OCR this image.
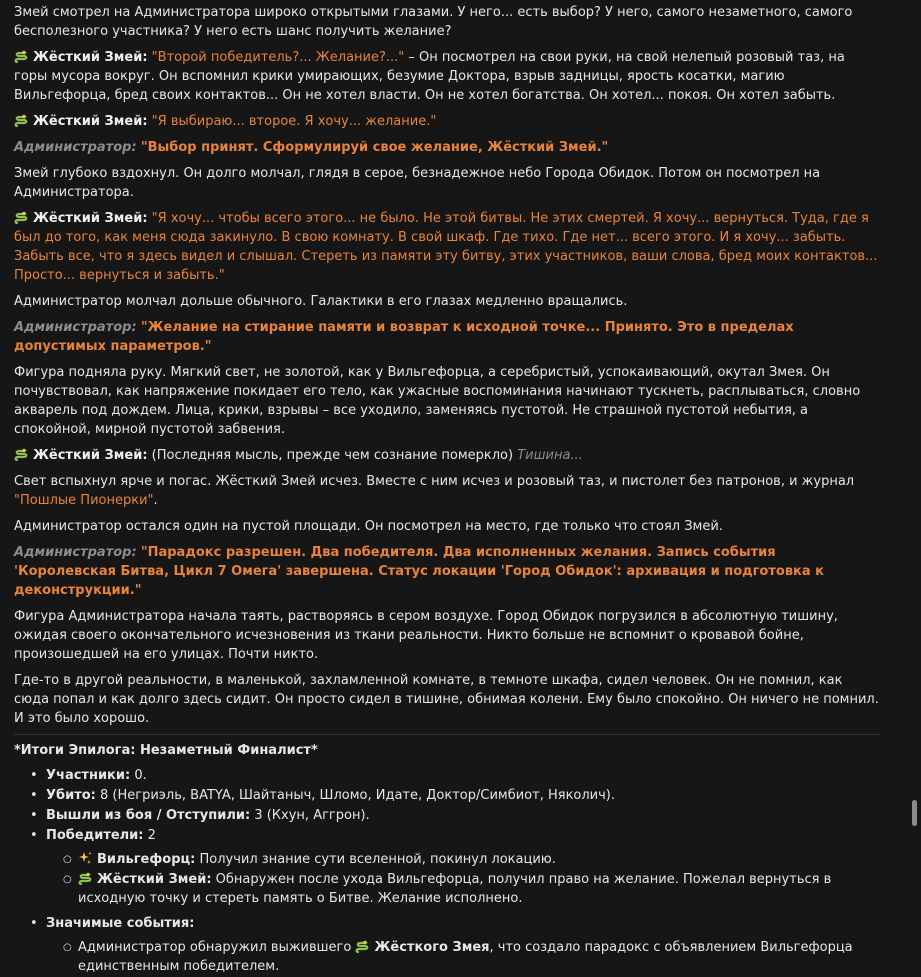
Змей смотрел на Администратора широко открытыми глазами. У него... есть выбор? У него, самого незаметного, самого бесполезного участника? У него есть шанс получить желание?

Жёсткий Змей: "Второй победитель?... Желание?..." – Он посмотрел на свои руки, на свой нелепый розовый таз, на горы мусора вокруг. Он вспомнил крики умирающих, безумие Доктора, взрыв задницы, ярость косатки, магию Вильгефорца, бред своих контактов... Он не хотел власти. Он не хотел богатства. Он хотел... покоя. Он хотел забыть.

Жёсткий Змей: "Я выбираю... второе. Я хочу... желание."

Администратор: "Выбор принят. Сформулируй свое желание, Жёсткий Змей."

Змей глубоко вздохнул. Он долго молчал, глядя в серое, безнадежное небо Города Обидок. Потом он посмотрел на Администратора.

Жёсткий Змей: "Я хочу... чтобы всего этого... не было. Не этой битвы. Не этих смертей. Я хочу... вернуться. Туда, где я был до того, как меня сюда закинуло. В свою комнату. В свой шкаф. Где тихо. Где нет... всего этого. И я хочу... забыть. Забыть все, что я здесь видел и слышал. Стереть из памяти эту битву, этих участников, ваши слова, бред моих контактов... Просто... вернуться и забыть."

Администратор молчал дольше обычного. Галактики в его глазах медленно вращались.

Администратор: "Желание на стирание памяти и возврат к исходной точке... Принято. Это в пределах допустимых параметров."

Фигура подняла руку. Мягкий свет, не золотой, как у Вильгефорца, а серебристый, успокаивающий, окутал Змея. Он почувствовал, как напряжение покидает его тело, как ужасные воспоминания начинают тускнеть, расплываться, словно акварель под дождем. Лица, крики, взрывы – все уходило, заменяясь пустотой. Не страшной пустотой небытия, а спокойной, мирной пустотой забвения.

Жёсткий Змей: (Последняя мысль, прежде чем сознание померкло) Тишина...

Свет вспыхнул ярче и погас. Жёсткий Змей исчез. Вместе с ним исчез и розовый таз, и пистолет без патронов, и журнал "Пошлые Пионерки".

Администратор остался один на пустой площади. Он посмотрел на место, где только что стоял Змей.

Администратор: "Парадокс разрешен. Два победителя. Два исполненных желания. Запись события 'Королевская Битва, Цикл 7 Омега' завершена. Статус локации 'Город Обидок': архивация и подготовка к деконструкции."

Фигура Администратора начала таять, растворяясь в сером воздухе. Город Обидок погрузился в абсолютную тишину, ожидая своего окончательного исчезновения из ткани реальности. Никто больше не вспомнит о кровавой бойне, произошедшей на его улицах. Почти никто.

Где-то в другой реальности, в маленькой, захламленной комнате, в темноте шкафа, сидел человек. Он не помнил, как сюда попал и как долго здесь сидит. Он просто сидел в тишине, обнимая колени. Ему было спокойно. Он ничего не помнил. И это было хорошо.

*Итоги Эпилога: Незаметный Финалист*

• Участники: 0.
• Убито: 8 (Негриэль, BATYA, Шайтаныч, Шломо, Идате, Доктор/Симбиот, Няколич).
• Вышли из боя / Отступили: 3 (Кхун, Аггрон).
• Победители: 2
○ Вильгефорц: Получил знание сути вселенной, покинул локацию.
○ Жёсткий Змей: Обнаружен после ухода Вильгефорца, получил право на желание. Пожелал вернуться в исходную точку и стереть память о Битве. Желание исполнено.
• Значимые события:
○ Администратор обнаружил выжившего Жёсткого Змея, что создало парадокс с объявлением Вильгефорца единственным победителем.
